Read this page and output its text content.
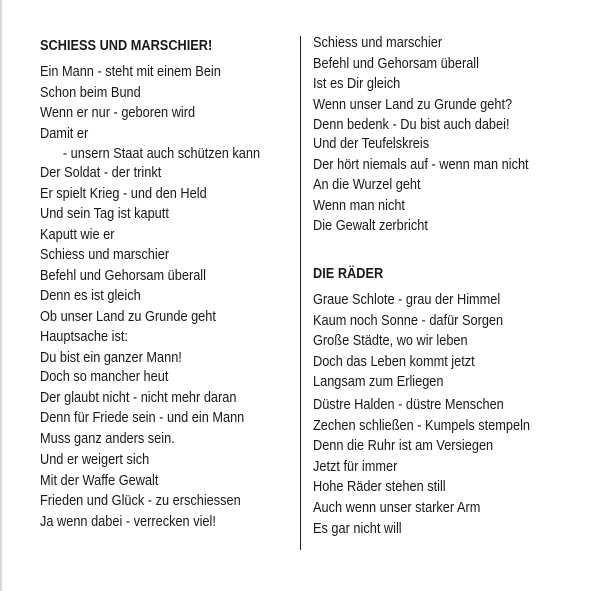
SCHIESS UND MARSCHIER!
Ein Mann - steht mit einem Bein
Schon beim Bund
Wenn er nur - geboren wird
Damit er
- unsern Staat auch schützen kann
Der Soldat - der trinkt
Er spielt Krieg - und den Held
Und sein Tag ist kaputt
Kaputt wie er
Schiess und marschier
Befehl und Gehorsam überall
Denn es ist gleich
Ob unser Land zu Grunde geht
Hauptsache ist:
Du bist ein ganzer Mann!
Doch so mancher heut
Der glaubt nicht - nicht mehr daran
Denn für Friede sein - und ein Mann
Muss ganz anders sein.
Und er weigert sich
Mit der Waffe Gewalt
Frieden und Glück - zu erschiessen
Ja wenn dabei - verrecken viel!
Schiess und marschier
Befehl und Gehorsam überall
Ist es Dir gleich
Wenn unser Land zu Grunde geht?
Denn bedenk - Du bist auch dabei!
Und der Teufelskreis
Der hört niemals auf - wenn man nicht
An die Wurzel geht
Wenn man nicht
Die Gewalt zerbricht
DIE RÄDER
Graue Schlote - grau der Himmel
Kaum noch Sonne - dafür Sorgen
Große Städte, wo wir leben
Doch das Leben kommt jetzt
Langsam zum Erliegen
Düstre Halden - düstre Menschen
Zechen schließen - Kumpels stempeln
Denn die Ruhr ist am Versiegen
Jetzt für immer
Hohe Räder stehen still
Auch wenn unser starker Arm
Es gar nicht will
